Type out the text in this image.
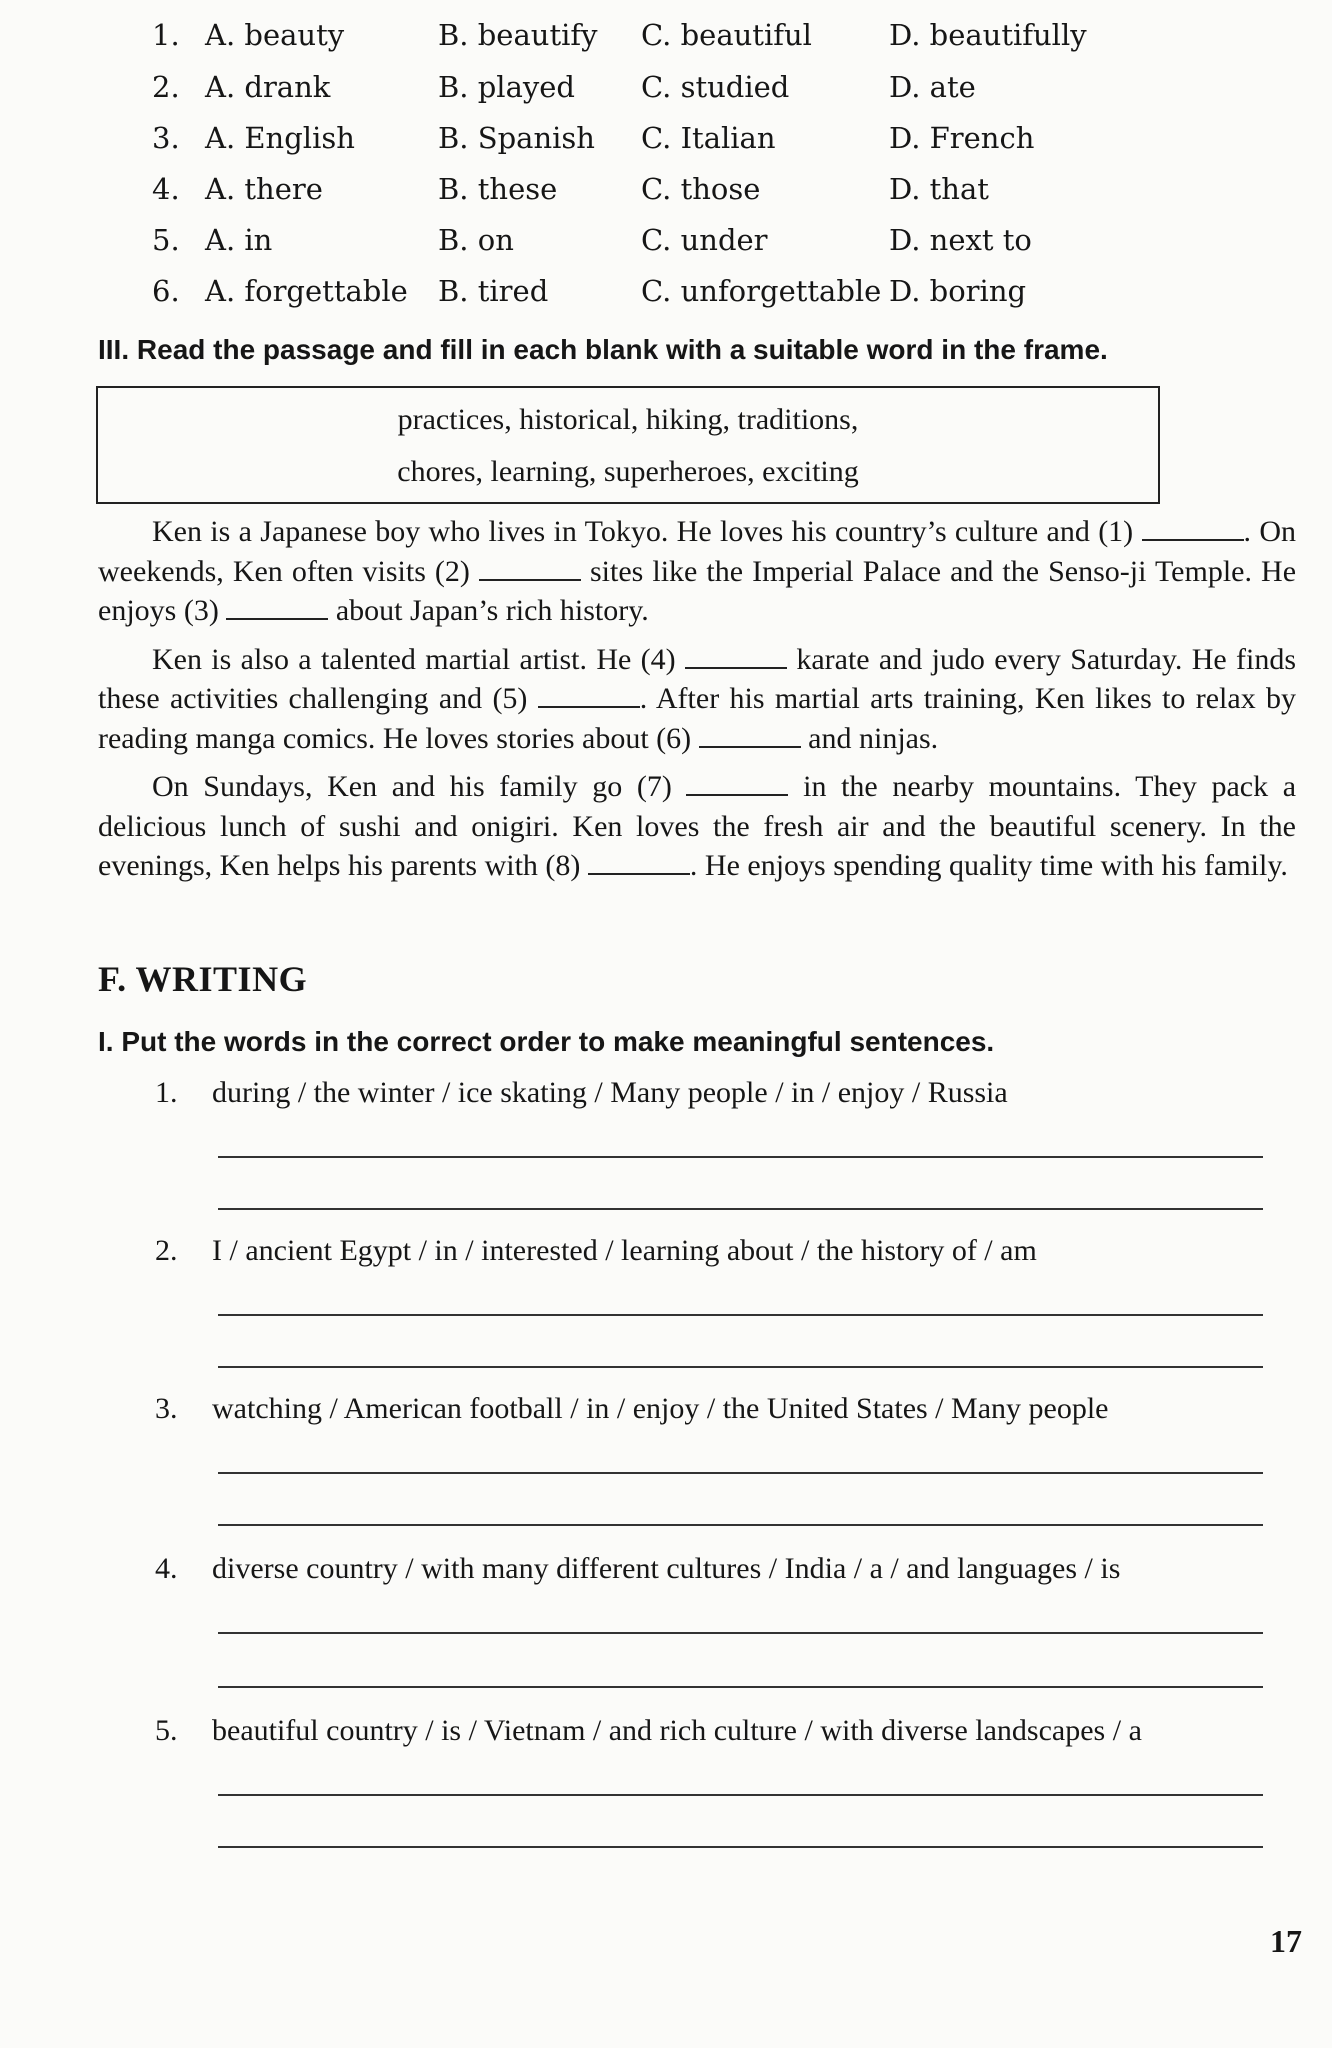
1. A. beauty	B. beautify C. beautiful	D. beautifully
2. A. drank	B. played C. studied	D. ate
3. A. English	B. Spanish C. Italian	D. French
4. A. there	B. these	C. those	D. that
5. A. in	B. on	C. under	D. next to
6. A. forgettable B. tired	C. unforgettable D. boring
III. Read the passage and fill in each blank with a suitable word in the frame.
practices, historical, hiking, traditions,
chores, learning, superheroes, exciting

Ken is a Japanese boy who lives in Tokyo. He loves his country’s culture and (1)	. On weekends, Ken often visits (2)	sites like the Imperial Palace and the Senso-ji Temple. He enjoys (3)	about Japan’s rich history.

Ken is also a talented martial artist. He (4)	karate and judo every Saturday. He finds these activities challenging and (5)	. After his martial arts training, Ken likes to relax by reading manga comics. He loves stories about (6)	and ninjas.

On Sundays, Ken and his family go (7)	in the nearby mountains. They pack a delicious lunch of sushi and onigiri. Ken loves the fresh air and the beautiful scenery. In the evenings, Ken helps his parents with (8)	. He enjoys spending quality time with his family.

F. WRITING
I. Put the words in the correct order to make meaningful sentences.
1. during / the winter / ice skating / Many people / in / enjoy / Russia
2. I / ancient Egypt / in / interested / learning about / the history of / am
3. watching / American football / in / enjoy / the United States / Many people
4. diverse country / with many different cultures / India / a / and languages / is
5. beautiful country / is / Vietnam / and rich culture / with diverse landscapes / a
17
